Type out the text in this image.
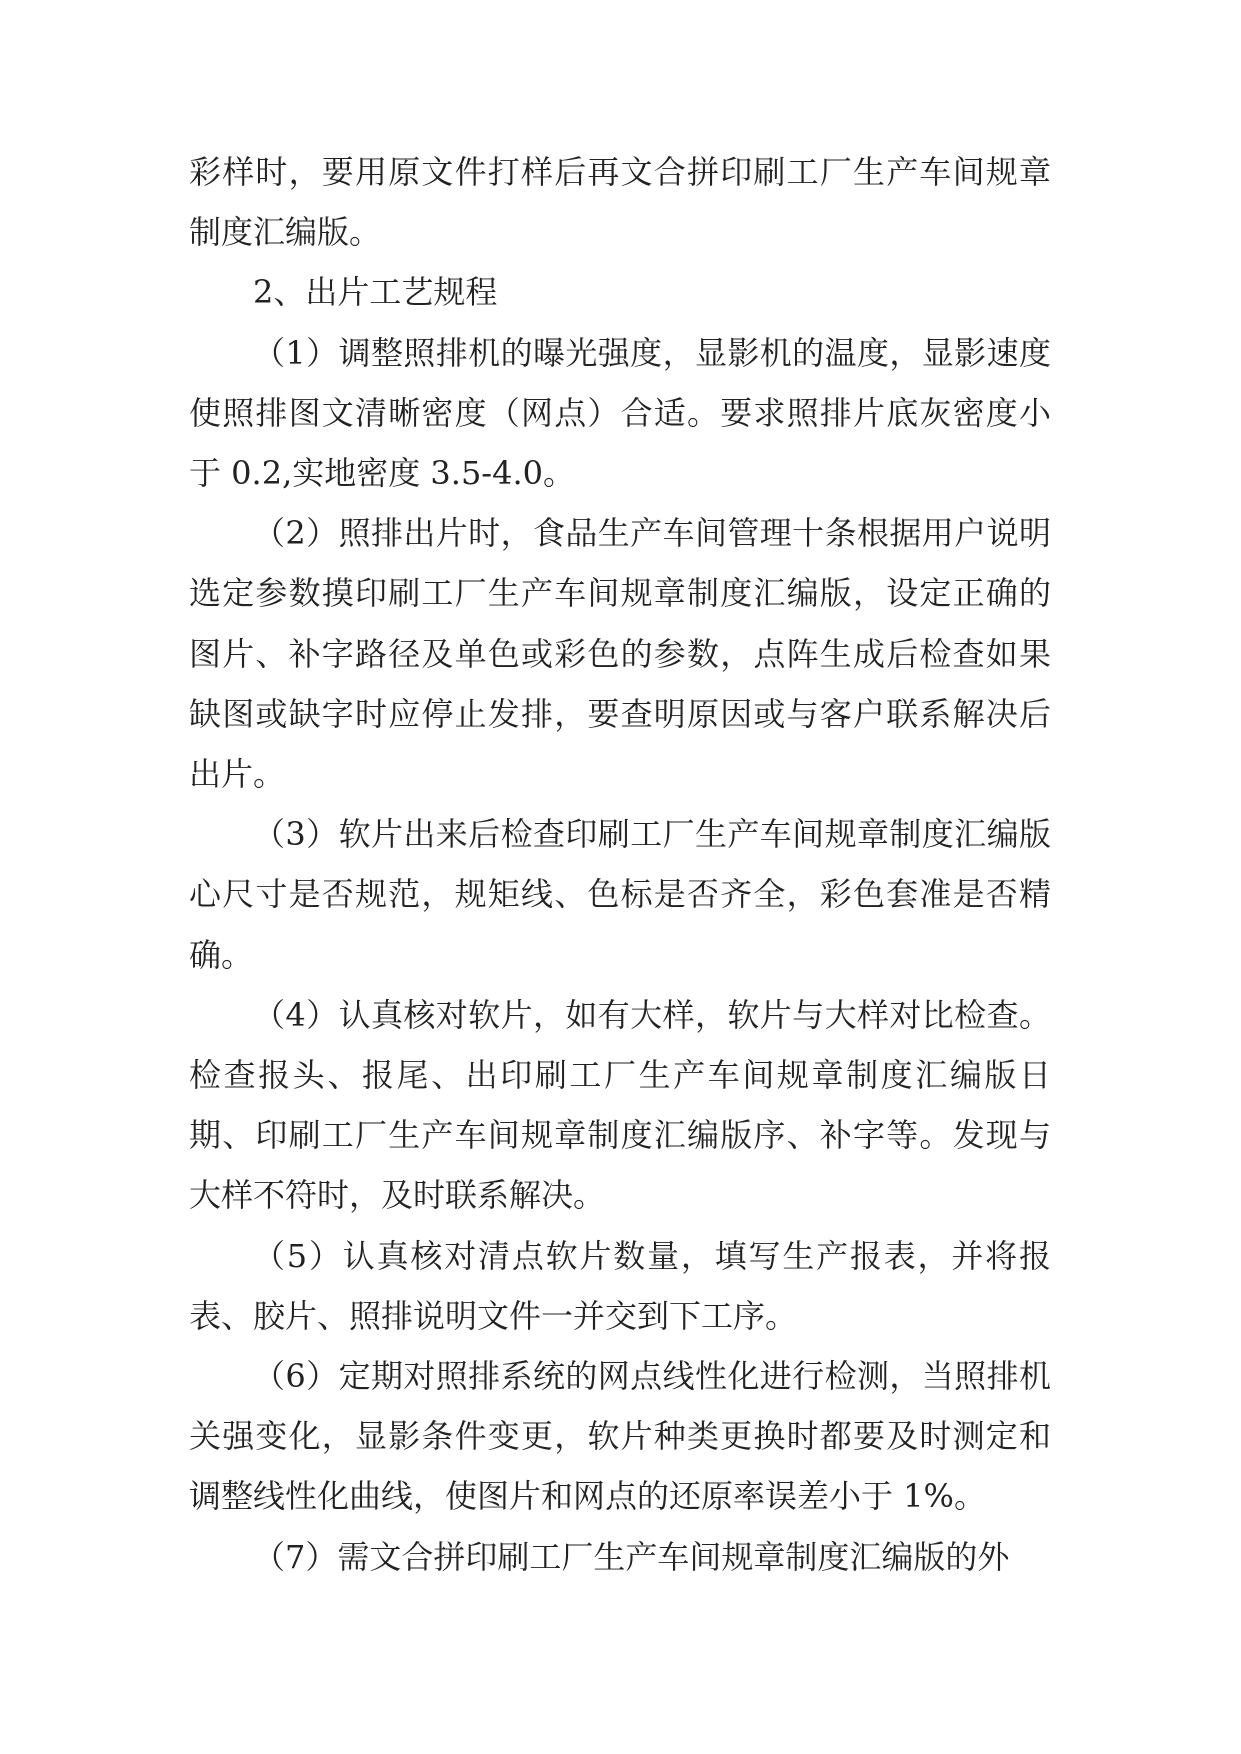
彩样时，要用原文件打样后再文合拼印刷工厂生产车间规章制度汇编版。

2、出片工艺规程

（1）调整照排机的曝光强度，显影机的温度，显影速度使照排图文清晰密度（网点）合适。要求照排片底灰密度小于 0.2,实地密度 3.5-4.0。

（2）照排出片时，食品生产车间管理十条根据用户说明选定参数摸印刷工厂生产车间规章制度汇编版，设定正确的图片、补字路径及单色或彩色的参数，点阵生成后检查如果缺图或缺字时应停止发排，要查明原因或与客户联系解决后出片。

（3）软片出来后检查印刷工厂生产车间规章制度汇编版心尺寸是否规范，规矩线、色标是否齐全，彩色套准是否精确。

（4）认真核对软片，如有大样，软片与大样对比检查。检查报头、报尾、出印刷工厂生产车间规章制度汇编版日期、印刷工厂生产车间规章制度汇编版序、补字等。发现与大样不符时，及时联系解决。

（5）认真核对清点软片数量，填写生产报表，并将报表、胶片、照排说明文件一并交到下工序。

（6）定期对照排系统的网点线性化进行检测，当照排机关强变化，显影条件变更，软片种类更换时都要及时测定和调整线性化曲线，使图片和网点的还原率误差小于 1%。

（7）需文合拼印刷工厂生产车间规章制度汇编版的外
